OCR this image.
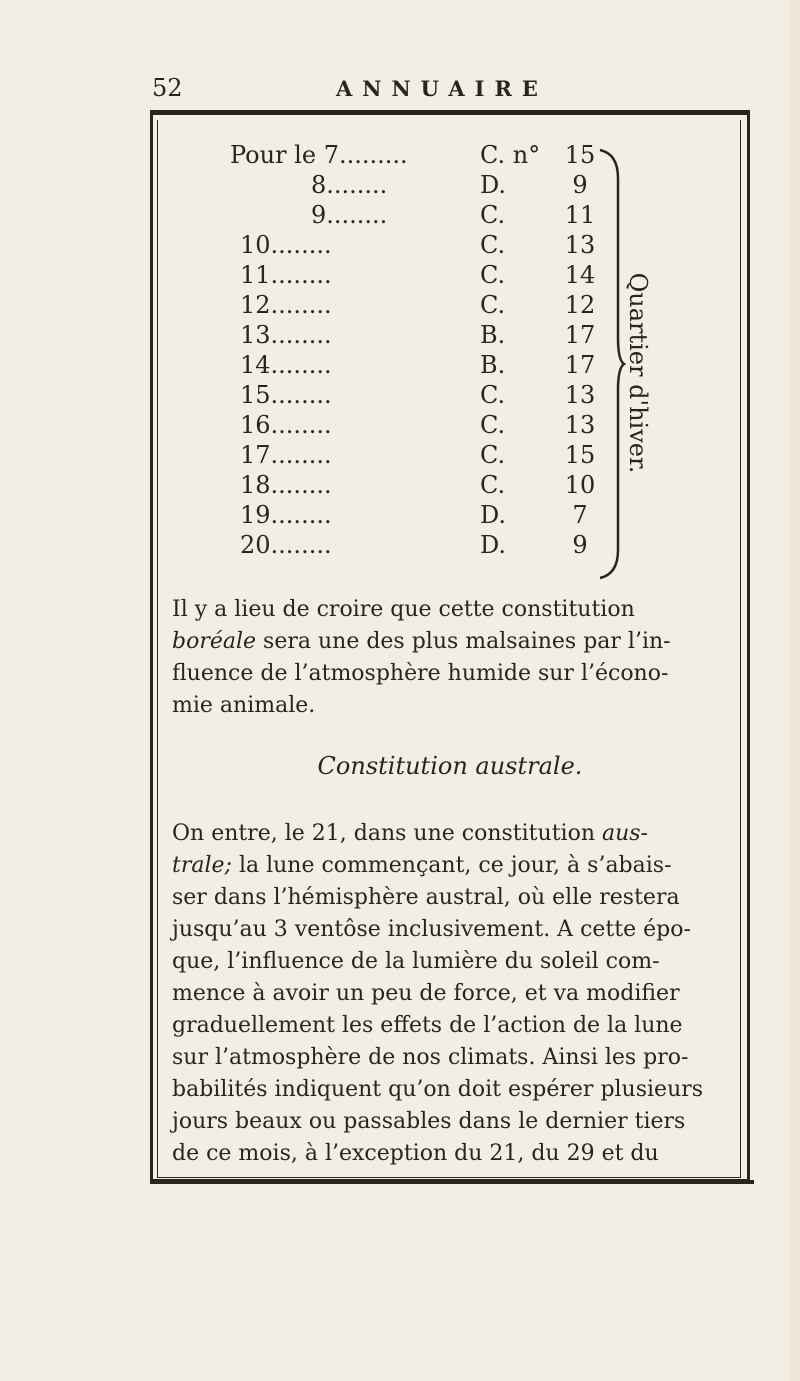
52	ANNUAIRE
Pour le 7.........	C. n° 15
8........	D.	9
9........	C. 11
10........	C. 13
11........	C. 14
12........	C. 12
13........	B. 17
14........	B. 17
15........	C. 13
16........	C. 13
17........	C. 15
18........	C. 10
19........	D.	7
20........	D.	9
Quartier d'hiver.

Il y a lieu de croire que cette constitution

boréale sera une des plus malsaines par l’in-

fluence de l’atmosphère humide sur l’écono-

mie animale.

Constitution australe.

On entre, le 21, dans une constitution aus-

trale; la lune commençant, ce jour, à s’abais-

ser dans l’hémisphère austral, où elle restera

jusqu’au 3 ventôse inclusivement. A cette épo-

que, l’influence de la lumière du soleil com-

mence à avoir un peu de force, et va modifier

graduellement les effets de l’action de la lune

sur l’atmosphère de nos climats. Ainsi les pro-

babilités indiquent qu’on doit espérer plusieurs

jours beaux ou passables dans le dernier tiers

de ce mois, à l’exception du 21, du 29 et du
